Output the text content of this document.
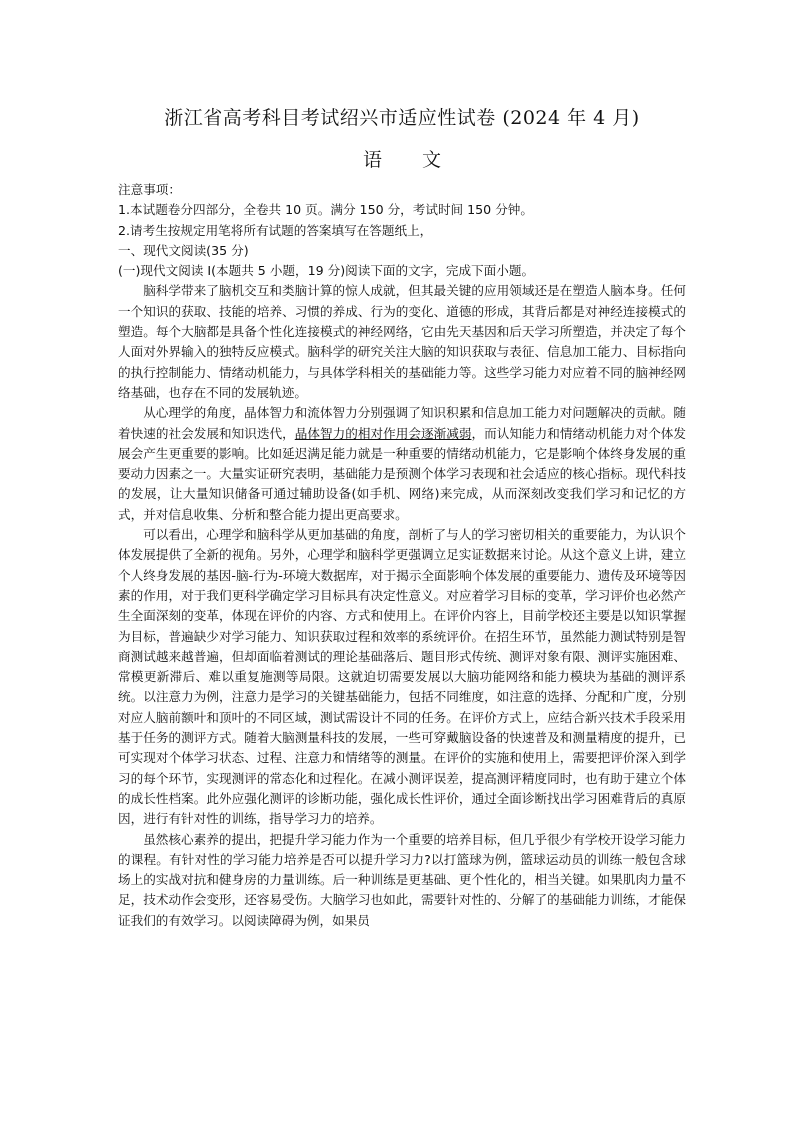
浙江省高考科目考试绍兴市适应性试卷 (2024 年 4 月)
语文
注意事项：
1.本试题卷分四部分，全卷共 10 页。满分 150 分，考试时间 150 分钟。
2.请考生按规定用笔将所有试题的答案填写在答题纸上，
一、现代文阅读(35 分)
(一)现代文阅读 I(本题共 5 小题，19 分)阅读下面的文字，完成下面小题。

脑科学带来了脑机交互和类脑计算的惊人成就，但其最关键的应用领域还是在塑造人脑本身。任何一个知识的获取、技能的培养、习惯的养成、行为的变化、道德的形成，其背后都是对神经连接模式的塑造。每个大脑都是具备个性化连接模式的神经网络，它由先天基因和后天学习所塑造，并决定了每个人面对外界输入的独特反应模式。脑科学的研究关注大脑的知识获取与表征、信息加工能力、目标指向的执行控制能力、情绪动机能力，与具体学科相关的基础能力等。这些学习能力对应着不同的脑神经网络基础，也存在不同的发展轨迹。

从心理学的角度，晶体智力和流体智力分别强调了知识积累和信息加工能力对问题解决的贡献。随着快速的社会发展和知识迭代，晶体智力的相对作用会逐渐减弱，而认知能力和情绪动机能力对个体发展会产生更重要的影响。比如延迟满足能力就是一种重要的情绪动机能力，它是影响个体终身发展的重要动力因素之一。大量实证研究表明，基础能力是预测个体学习表现和社会适应的核心指标。现代科技的发展，让大量知识储备可通过辅助设备(如手机、网络)来完成，从而深刻改变我们学习和记忆的方式，并对信息收集、分析和整合能力提出更高要求。

可以看出，心理学和脑科学从更加基础的角度，剖析了与人的学习密切相关的重要能力，为认识个体发展提供了全新的视角。另外，心理学和脑科学更强调立足实证数据来讨论。从这个意义上讲，建立个人终身发展的基因-脑-行为-环境大数据库，对于揭示全面影响个体发展的重要能力、遗传及环境等因素的作用，对于我们更科学确定学习目标具有决定性意义。对应着学习目标的变革，学习评价也必然产生全面深刻的变革，体现在评价的内容、方式和使用上。在评价内容上，目前学校还主要是以知识掌握为目标，普遍缺少对学习能力、知识获取过程和效率的系统评价。在招生环节，虽然能力测试特别是智商测试越来越普遍，但却面临着测试的理论基础落后、题目形式传统、测评对象有限、测评实施困难、常模更新滞后、难以重复施测等局限。这就迫切需要发展以大脑功能网络和能力模块为基础的测评系统。以注意力为例，注意力是学习的关键基础能力，包括不同维度，如注意的选择、分配和广度，分别对应人脑前额叶和顶叶的不同区域，测试需设计不同的任务。在评价方式上，应结合新兴技术手段采用基于任务的测评方式。随着大脑测量科技的发展，一些可穿戴脑设备的快速普及和测量精度的提升，已可实现对个体学习状态、过程、注意力和情绪等的测量。在评价的实施和使用上，需要把评价深入到学习的每个环节，实现测评的常态化和过程化。在减小测评误差，提高测评精度同时，也有助于建立个体的成长性档案。此外应强化测评的诊断功能，强化成长性评价，通过全面诊断找出学习困难背后的真原因，进行有针对性的训练，指导学习力的培养。

虽然核心素养的提出，把提升学习能力作为一个重要的培养目标，但几乎很少有学校开设学习能力的课程。有针对性的学习能力培养是否可以提升学习力?以打篮球为例，篮球运动员的训练一般包含球场上的实战对抗和健身房的力量训练。后一种训练是更基础、更个性化的，相当关键。如果肌肉力量不足，技术动作会变形，还容易受伤。大脑学习也如此，需要针对性的、分解了的基础能力训练，才能保证我们的有效学习。以阅读障碍为例，如果员
